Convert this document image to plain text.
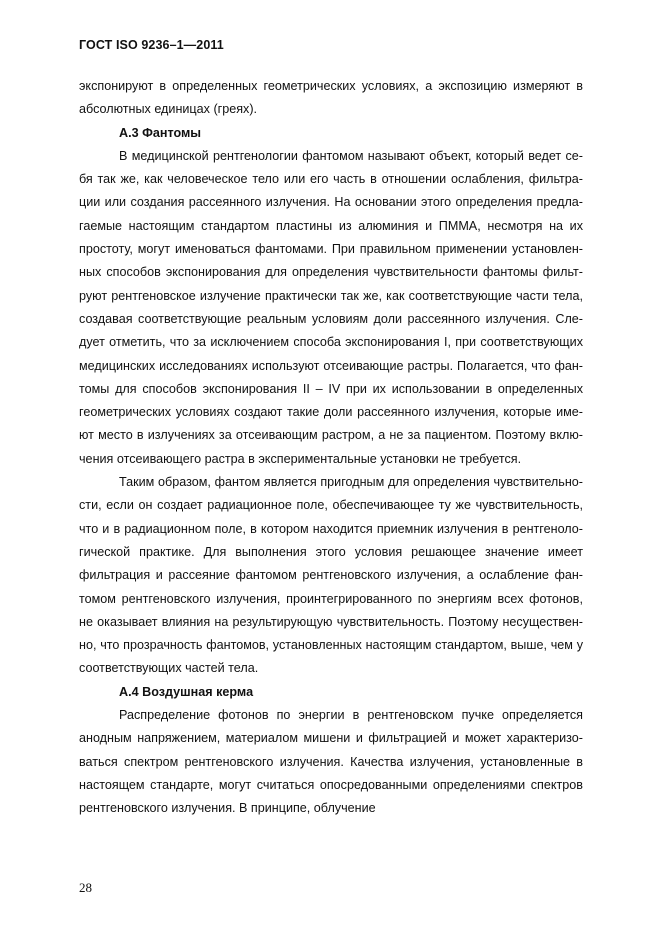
ГОСТ ISO 9236–1—2011
экспонируют в определенных геометрических условиях, а экспозицию измеряют в
абсолютных единицах (греях).
А.3 Фантомы
В медицинской рентгенологии фантомом называют объект, который ведет се-
бя так же, как человеческое тело или его часть в отношении ослабления, фильтра-
ции или создания рассеянного излучения. На основании этого определения предла-
гаемые настоящим стандартом пластины из алюминия и ПММА, несмотря на их
простоту, могут именоваться фантомами. При правильном применении установлен-
ных способов экспонирования для определения чувствительности фантомы фильт-
руют рентгеновское излучение практически так же, как соответствующие части тела,
создавая соответствующие реальным условиям доли рассеянного излучения. Сле-
дует отметить, что за исключением способа экспонирования I, при соответствующих
медицинских исследованиях используют отсеивающие растры. Полагается, что фан-
томы для способов экспонирования II – IV при их использовании в определенных
геометрических условиях создают такие доли рассеянного излучения, которые име-
ют место в излучениях за отсеивающим растром, а не за пациентом. Поэтому вклю-
чения отсеивающего растра в экспериментальные установки не требуется.
Таким образом, фантом является пригодным для определения чувствительно-
сти, если он создает радиационное поле, обеспечивающее ту же чувствительность,
что и в радиационном поле, в котором находится приемник излучения в рентгеноло-
гической практике. Для выполнения этого условия решающее значение имеет
фильтрация и рассеяние фантомом рентгеновского излучения, а ослабление фан-
томом рентгеновского излучения, проинтегрированного по энергиям всех фотонов,
не оказывает влияния на результирующую чувствительность. Поэтому несуществен-
но, что прозрачность фантомов, установленных настоящим стандартом, выше, чем у
соответствующих частей тела.
А.4 Воздушная керма
Распределение фотонов по энергии в рентгеновском пучке определяется
анодным напряжением, материалом мишени и фильтрацией и может характеризо-
ваться спектром рентгеновского излучения. Качества излучения, установленные в
настоящем стандарте, могут считаться опосредованными определениями спектров
рентгеновского излучения. В принципе, облучение
28
